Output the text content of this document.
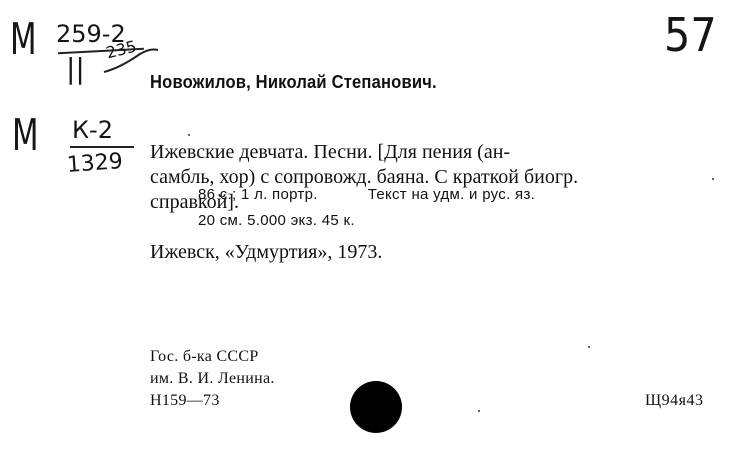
М 259-2
||
235
М К-2
1329
57
Новожилов, Николай Степанович.
Ижевские девчата. Песни. [Для пения (ан-
самбль, хор) с сопровожд. баяна. С краткой биогр.
справкой].
Ижевск, «Удмуртия», 1973.
86 с.; 1 л. портр.	Текст на удм. и рус. яз.
20 см. 5.000 экз. 45 к.
Гос. б-ка СССР
им. В. И. Ленина.
Н159—73	Щ94я43
